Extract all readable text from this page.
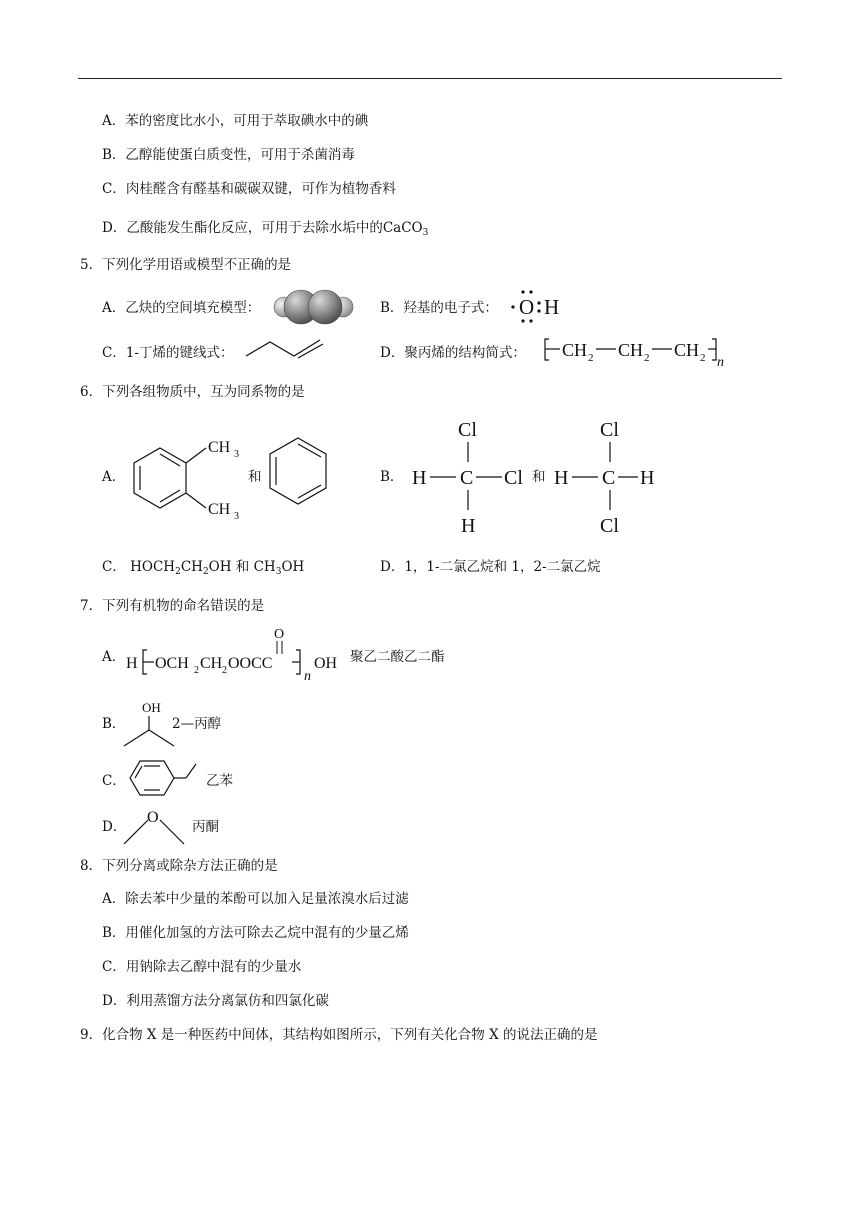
A．苯的密度比水小，可用于萃取碘水中的碘
B．乙醇能使蛋白质变性，可用于杀菌消毒
C．肉桂醛含有醛基和碳碳双键，可作为植物香料
D．乙酸能发生酯化反应，可用于去除水垢中的CaCO$_3$
5．下列化学用语或模型不正确的是
A．乙炔的空间填充模型：	B．羟基的电子式： O H
C．1-丁烯的键线式：	D．聚丙烯的结构简式： CH 2 CH 2 CH 2 n
6．下列各组物质中，互为同系物的是
A．
CH 3
CH 3
和	B．
Cl
H C Cl
H
和
Cl
H C H
Cl
C． $HOCH_2CH_2OH$ 和 $CH_3OH$	D．1，1-二氯乙烷和 1，2-二氯乙烷
7．下列有机物的命名错误的是
A． H OCH 2 CH 2 OOCC
O
n
OH 聚乙二酸乙二酯
B．
OH
2—丙醇
C．	乙苯
D．
O
丙酮
8．下列分离或除杂方法正确的是
A．除去苯中少量的苯酚可以加入足量浓溴水后过滤
B．用催化加氢的方法可除去乙烷中混有的少量乙烯
C．用钠除去乙醇中混有的少量水
D．利用蒸馏方法分离氯仿和四氯化碳
9．化合物 X 是一种医药中间体，其结构如图所示，下列有关化合物 X 的说法正确的是
